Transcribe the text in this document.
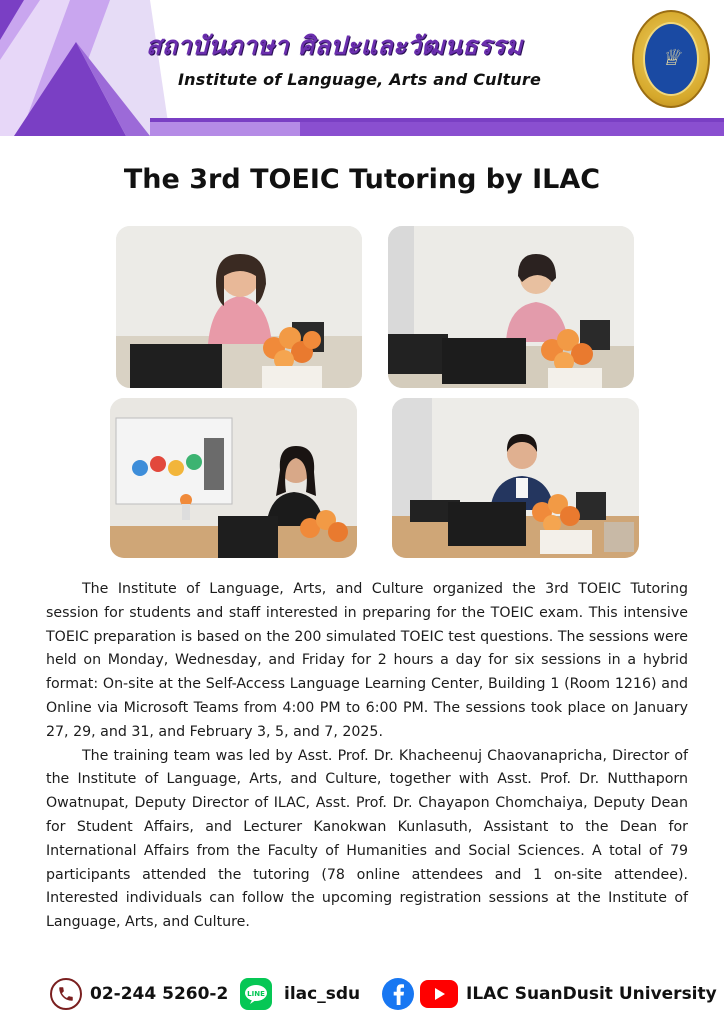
สถาบันภาษา ศิลปะและวัฒนธรรม
Institute of Language, Arts and Culture
♕
The 3rd TOEIC Tutoring by ILAC

The Institute of Language, Arts, and Culture organized the 3rd TOEIC Tutoring session for students and staff interested in preparing for the TOEIC exam. This intensive TOEIC preparation is based on the 200 simulated TOEIC test questions. The sessions were held on Monday, Wednesday, and Friday for 2 hours a day for six sessions in a hybrid format: On-site at the Self-Access Language Learning Center, Building 1 (Room 1216) and Online via Microsoft Teams from 4:00 PM to 6:00 PM. The sessions took place on January 27, 29, and 31, and February 3, 5, and 7, 2025.

The training team was led by Asst. Prof. Dr. Khacheenuj Chaovanapricha, Director of the Institute of Language, Arts, and Culture, together with Asst. Prof. Dr. Nutthaporn Owatnupat, Deputy Director of ILAC, Asst. Prof. Dr. Chayapon Chomchaiya, Deputy Dean for Student Affairs, and Lecturer Kanokwan Kunlasuth, Assistant to the Dean for International Affairs from the Faculty of Humanities and Social Sciences. A total of 79 participants attended the tutoring (78 online attendees and 1 on-site attendee). Interested individuals can follow the upcoming registration sessions at the Institute of Language, Arts, and Culture.

02-244 5260-2	LINE ilac_sdu	ILAC SuanDusit University
